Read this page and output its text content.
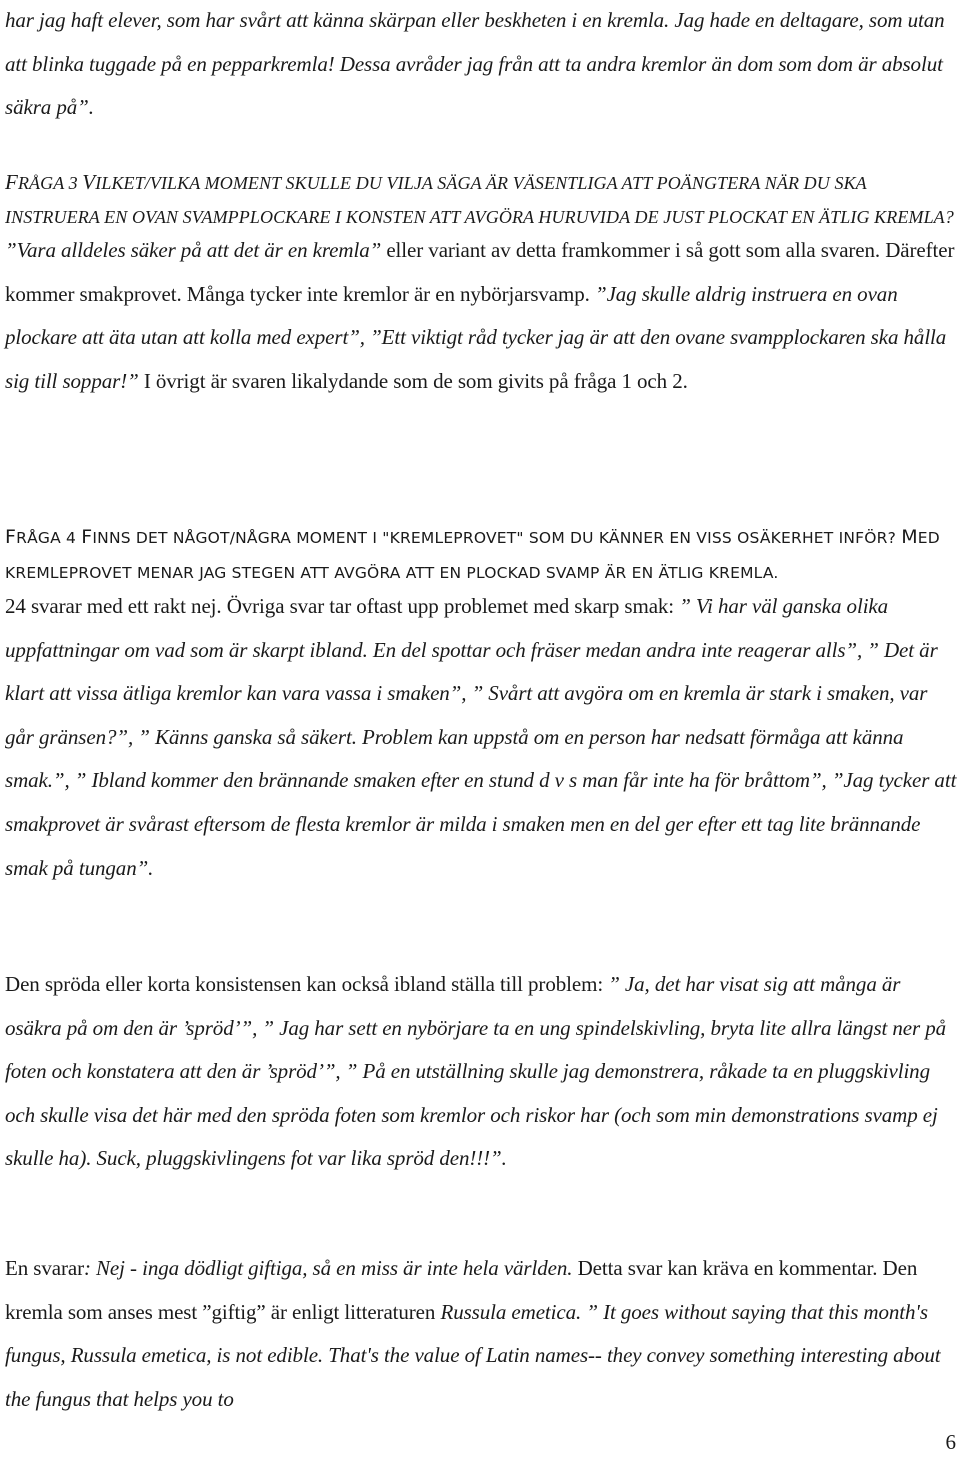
har jag haft elever, som har svårt att känna skärpan eller beskheten i en kremla. Jag hade en deltagare, som utan att blinka tuggade på en pepparkremla! Dessa avråder jag från att ta andra kremlor än dom som dom är absolut säkra på”.

FRÅGA 3 VILKET/VILKA MOMENT SKULLE DU VILJA SÄGA ÄR VÄSENTLIGA ATT POÄNGTERA NÄR DU SKA INSTRUERA EN OVAN SVAMPPLOCKARE I KONSTEN ATT AVGÖRA HURUVIDA DE JUST PLOCKAT EN ÄTLIG KREMLA?

”Vara alldeles säker på att det är en kremla” eller variant av detta framkommer i så gott som alla svaren. Därefter kommer smakprovet. Många tycker inte kremlor är en nybörjarsvamp. ”Jag skulle aldrig instruera en ovan plockare att äta utan att kolla med expert”, ”Ett viktigt råd tycker jag är att den ovane svampplockaren ska hålla sig till soppar!” I övrigt är svaren likalydande som de som givits på fråga 1 och 2.

FRÅGA 4 FINNS DET NÅGOT/NÅGRA MOMENT I "KREMLEPROVET" SOM DU KÄNNER EN VISS OSÄKERHET INFÖR? MED KREMLEPROVET MENAR JAG STEGEN ATT AVGÖRA ATT EN PLOCKAD SVAMP ÄR EN ÄTLIG KREMLA.

24 svarar med ett rakt nej. Övriga svar tar oftast upp problemet med skarp smak: ” Vi har väl ganska olika uppfattningar om vad som är skarpt ibland. En del spottar och fräser medan andra inte reagerar alls”, ” Det är klart att vissa ätliga kremlor kan vara vassa i smaken”, ” Svårt att avgöra om en kremla är stark i smaken, var går gränsen?”, ” Känns ganska så säkert. Problem kan uppstå om en person har nedsatt förmåga att känna smak.”, ” Ibland kommer den brännande smaken efter en stund d v s man får inte ha för bråttom”, ”Jag tycker att smakprovet är svårast eftersom de flesta kremlor är milda i smaken men en del ger efter ett tag lite brännande smak på tungan”.

Den spröda eller korta konsistensen kan också ibland ställa till problem: ” Ja, det har visat sig att många är osäkra på om den är ’spröd’”, ” Jag har sett en nybörjare ta en ung spindelskivling, bryta lite allra längst ner på foten och konstatera att den är ’spröd’”, ” På en utställning skulle jag demonstrera, råkade ta en pluggskivling och skulle visa det här med den spröda foten som kremlor och riskor har (och som min demonstrations svamp ej skulle ha). Suck, pluggskivlingens fot var lika spröd den!!!”.

En svarar: Nej - inga dödligt giftiga, så en miss är inte hela världen. Detta svar kan kräva en kommentar. Den kremla som anses mest ”giftig” är enligt litteraturen Russula emetica. ” It goes without saying that this month's fungus, Russula emetica, is not edible. That's the value of Latin names-- they convey something interesting about the fungus that helps you to

6
